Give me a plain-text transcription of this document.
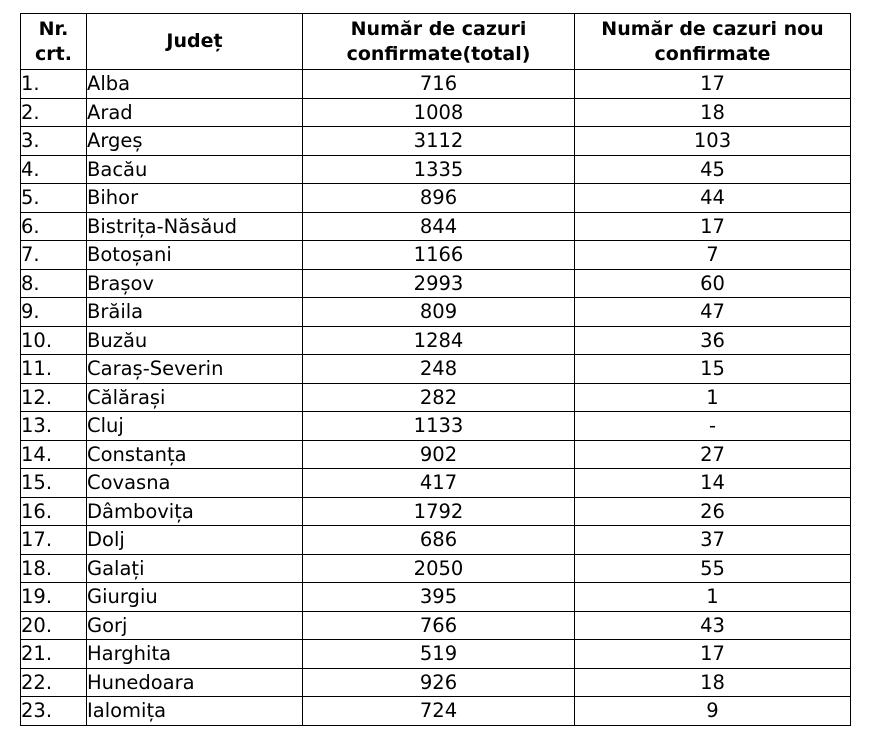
Nr. crt.	Județ	Număr de cazuri confirmate(total)	Număr de cazuri nou confirmate
1.	Alba	716	17
2.	Arad	1008	18
3.	Argeș	3112	103
4.	Bacău	1335	45
5.	Bihor	896	44
6.	Bistrița-Năsăud	844	17
7.	Botoșani	1166	7
8.	Brașov	2993	60
9.	Brăila	809	47
10.	Buzău	1284	36
11.	Caraș-Severin	248	15
12.	Călărași	282	1
13.	Cluj	1133	-
14.	Constanța	902	27
15.	Covasna	417	14
16.	Dâmbovița	1792	26
17.	Dolj	686	37
18.	Galați	2050	55
19.	Giurgiu	395	1
20.	Gorj	766	43
21.	Harghita	519	17
22.	Hunedoara	926	18
23.	Ialomița	724	9
